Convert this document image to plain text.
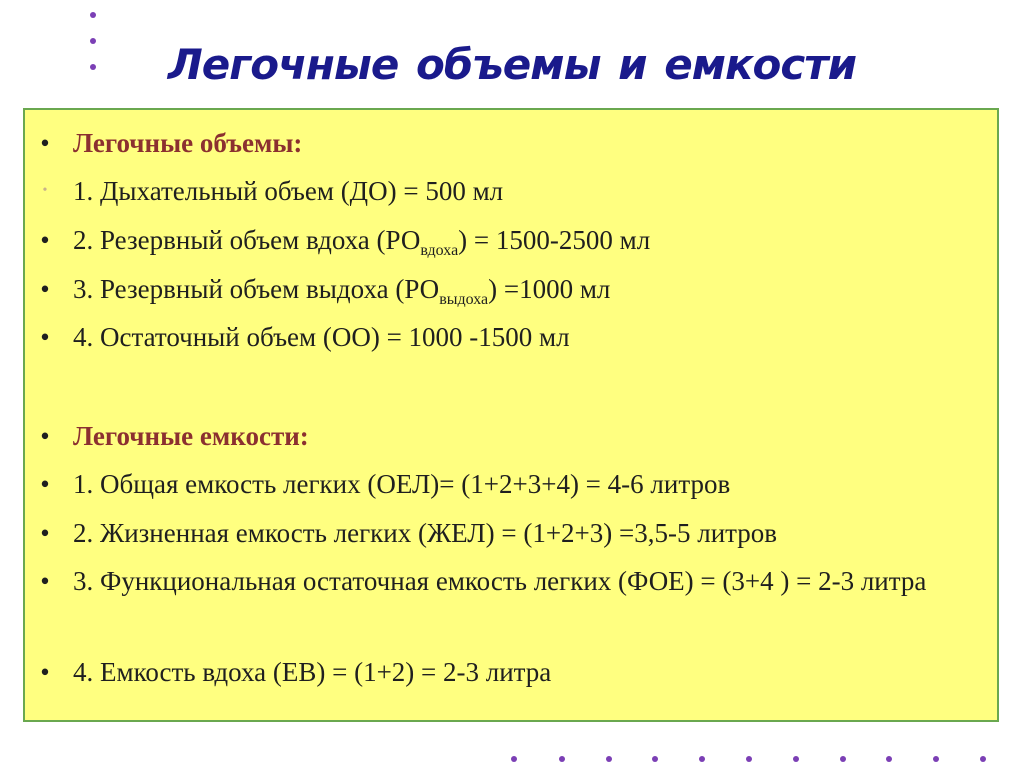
Легочные объемы и емкости
• Легочные объемы:
• 1. Дыхательный объем (ДО) = 500 мл
• 2. Резервный объем вдоха $(РО_{вдоха}) = 1500-2500$ мл
• 3. Резервный объем выдоха $(РО_{выдоха}) =1000$ мл
• 4. Остаточный объем (ОО) = 1000 -1500 мл
• Легочные емкости:
• 1. Общая емкость легких (ОЕЛ)= (1+2+3+4) = 4-6 литров
• 2. Жизненная емкость легких (ЖЕЛ) = (1+2+3) =3,5-5 литров
• 3. Функциональная остаточная емкость легких (ФОЕ) = (3+4 ) = 2-3 литра
• 4. Емкость вдоха (ЕВ) = (1+2) = 2-3 литра
